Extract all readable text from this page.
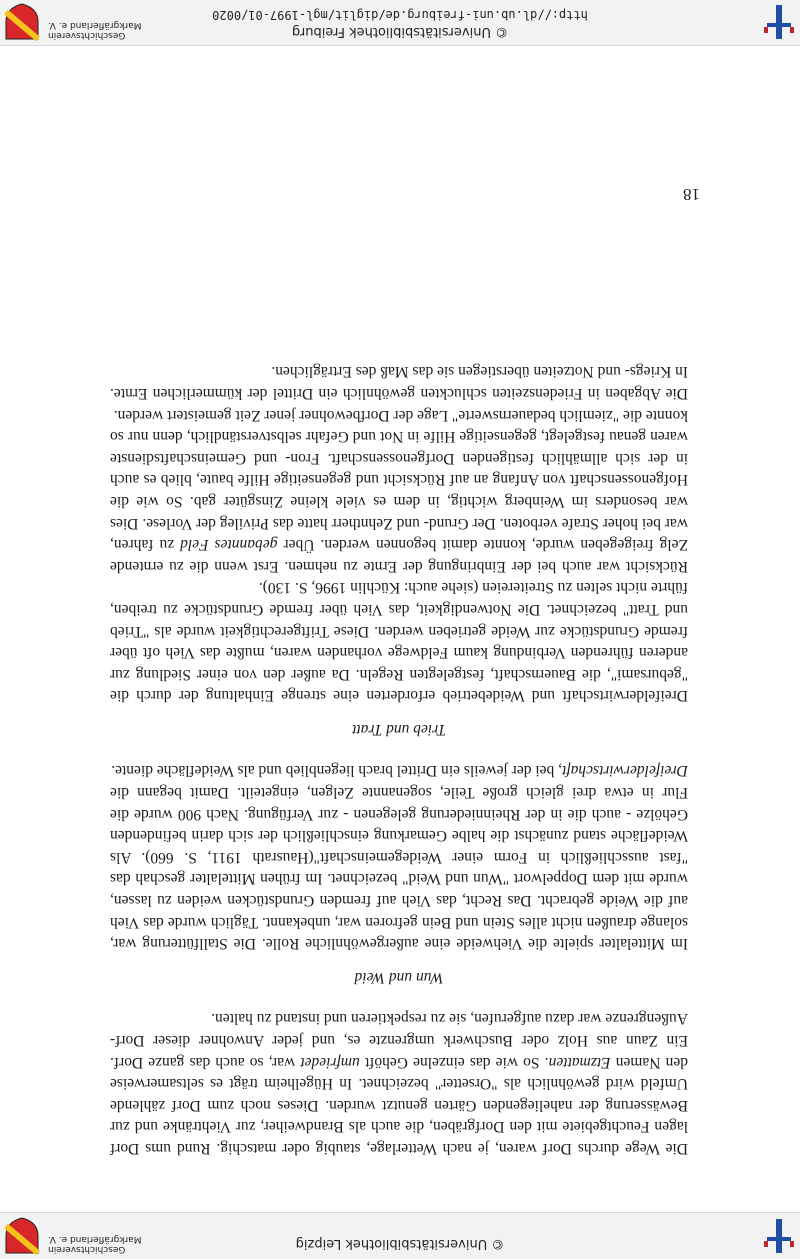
© Universitätsbibliothek Leipzig
Geschichtsverein
Markgräflerland e. V.

Die Wege durchs Dorf waren, je nach Wetterlage, staubig oder matschig. Rund ums Dorf lagen Feuchtgebiete mit den Dorfgräben, die auch als Brandweiher, zur Viehtränke und zur Bewässerung der naheliegenden Gärten genutzt wurden. Dieses noch zum Dorf zählende Umfeld wird gewöhnlich als "Orsetter" bezeichnet. In Hügelheim trägt es seltsamerweise den Namen Etzmatten. So wie das einzelne Gehöft umfriedet war, so auch das ganze Dorf. Ein Zaun aus Holz oder Buschwerk umgrenzte es, und jeder Anwohner dieser Dorf-Außengrenze war dazu aufgerufen, sie zu respektieren und instand zu halten.

Wun und Weid

Im Mittelalter spielte die Viehweide eine außergewöhnliche Rolle. Die Stallfütterung war, solange draußen nicht alles Stein und Bein gefroren war, unbekannt. Täglich wurde das Vieh auf die Weide gebracht. Das Recht, das Vieh auf fremden Grundstücken weiden zu lassen, wurde mit dem Doppelwort "Wun und Weid" bezeichnet. Im frühen Mittelalter geschah das "fast ausschließlich in Form einer Weidegemeinschaft"(Hausrath 1911, S. 660). Als Weidefläche stand zunächst die halbe Gemarkung einschließlich der sich darin befindenden Gehölze - auch die in der Rheinniederung gelegenen - zur Verfügung. Nach 900 wurde die Flur in etwa drei gleich große Teile, sogenannte Zelgen, eingeteilt. Damit begann die Dreifelderwirtschaft, bei der jeweils ein Drittel brach liegenblieb und als Weidefläche diente.

Trieb und Tratt

Dreifelderwirtschaft und Weidebetrieb erforderten eine strenge Einhaltung der durch die "gebursami", die Bauernschaft, festgelegten Regeln. Da außer den von einer Siedlung zur anderen führenden Verbindung kaum Feldwege vorhanden waren, mußte das Vieh oft über fremde Grundstücke zur Weide getrieben werden. Diese Triftgerechtigkeit wurde als "Trieb und Tratt" bezeichnet. Die Notwendigkeit, das Vieh über fremde Grundstücke zu treiben, führte nicht selten zu Streitereien (siehe auch: Küchlin 1996, S. 130).

Rücksicht war auch bei der Einbringung der Ernte zu nehmen. Erst wenn die zu erntende Zelg freigegeben wurde, konnte damit begonnen werden. Über gebanntes Feld zu fahren, war bei hoher Strafe verboten. Der Grund- und Zehntherr hatte das Privileg der Vorlese. Dies war besonders im Weinberg wichtig, in dem es viele kleine Zinsgüter gab. So wie die Hofgenossenschaft von Anfang an auf Rücksicht und gegenseitige Hilfe baute, blieb es auch in der sich allmählich festigenden Dorfgenossenschaft. Fron- und Gemeinschaftsdienste waren genau festgelegt, gegenseitige Hilfe in Not und Gefahr selbstverständlich, denn nur so konnte die "ziemlich bedauernswerte" Lage der Dorfbewohner jener Zeit gemeistert werden.

Die Abgaben in Friedenszeiten schluckten gewöhnlich ein Drittel der kümmerlichen Ernte. In Kriegs- und Notzeiten überstiegen sie das Maß des Erträglichen.

18
© Universitätsbibliothek Freiburg
http://dl.ub.uni-freiburg.de/diglit/mgl-1997-01/0020
Geschichtsverein
Markgräflerland e. V.
